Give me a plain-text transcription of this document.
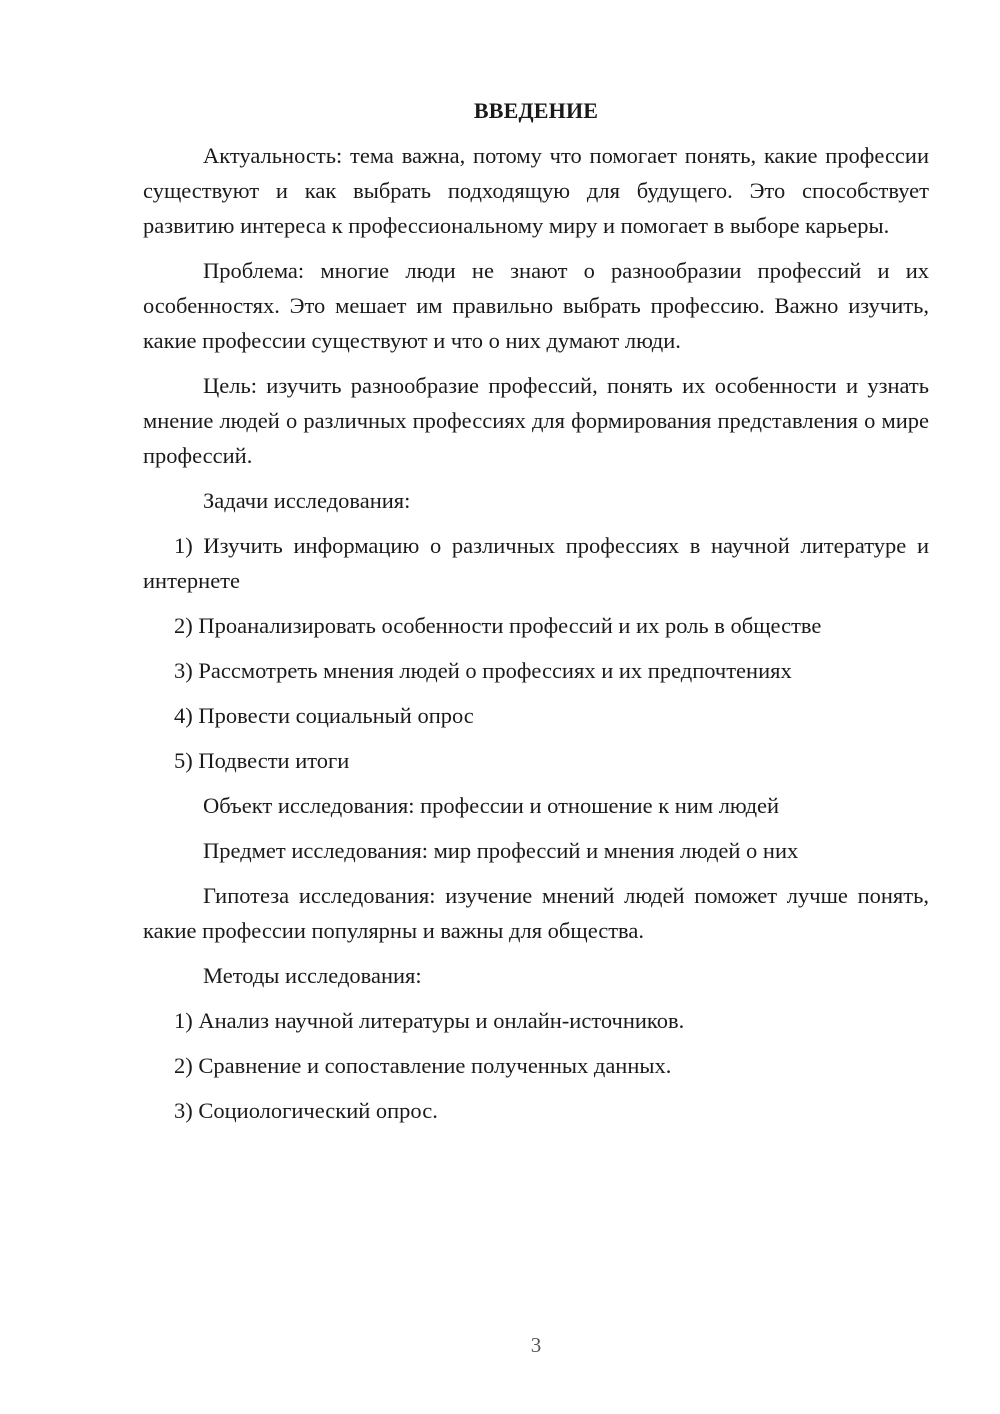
ВВЕДЕНИЕ
Актуальность: тема важна, потому что помогает понять, какие профессии существуют и как выбрать подходящую для будущего. Это способствует развитию интереса к профессиональному миру и помогает в выборе карьеры.
Проблема: многие люди не знают о разнообразии профессий и их особенностях. Это мешает им правильно выбрать профессию. Важно изучить, какие профессии существуют и что о них думают люди.
Цель: изучить разнообразие профессий, понять их особенности и узнать мнение людей о различных профессиях для формирования представления о мире профессий.
Задачи исследования:
1) Изучить информацию о различных профессиях в научной литературе и интернете
2) Проанализировать особенности профессий и их роль в обществе
3) Рассмотреть мнения людей о профессиях и их предпочтениях
4) Провести социальный опрос
5) Подвести итоги
Объект исследования: профессии и отношение к ним людей
Предмет исследования: мир профессий и мнения людей о них
Гипотеза исследования: изучение мнений людей поможет лучше понять, какие профессии популярны и важны для общества.
Методы исследования:
1) Анализ научной литературы и онлайн-источников.
2) Сравнение и сопоставление полученных данных.
3) Социологический опрос.
3
